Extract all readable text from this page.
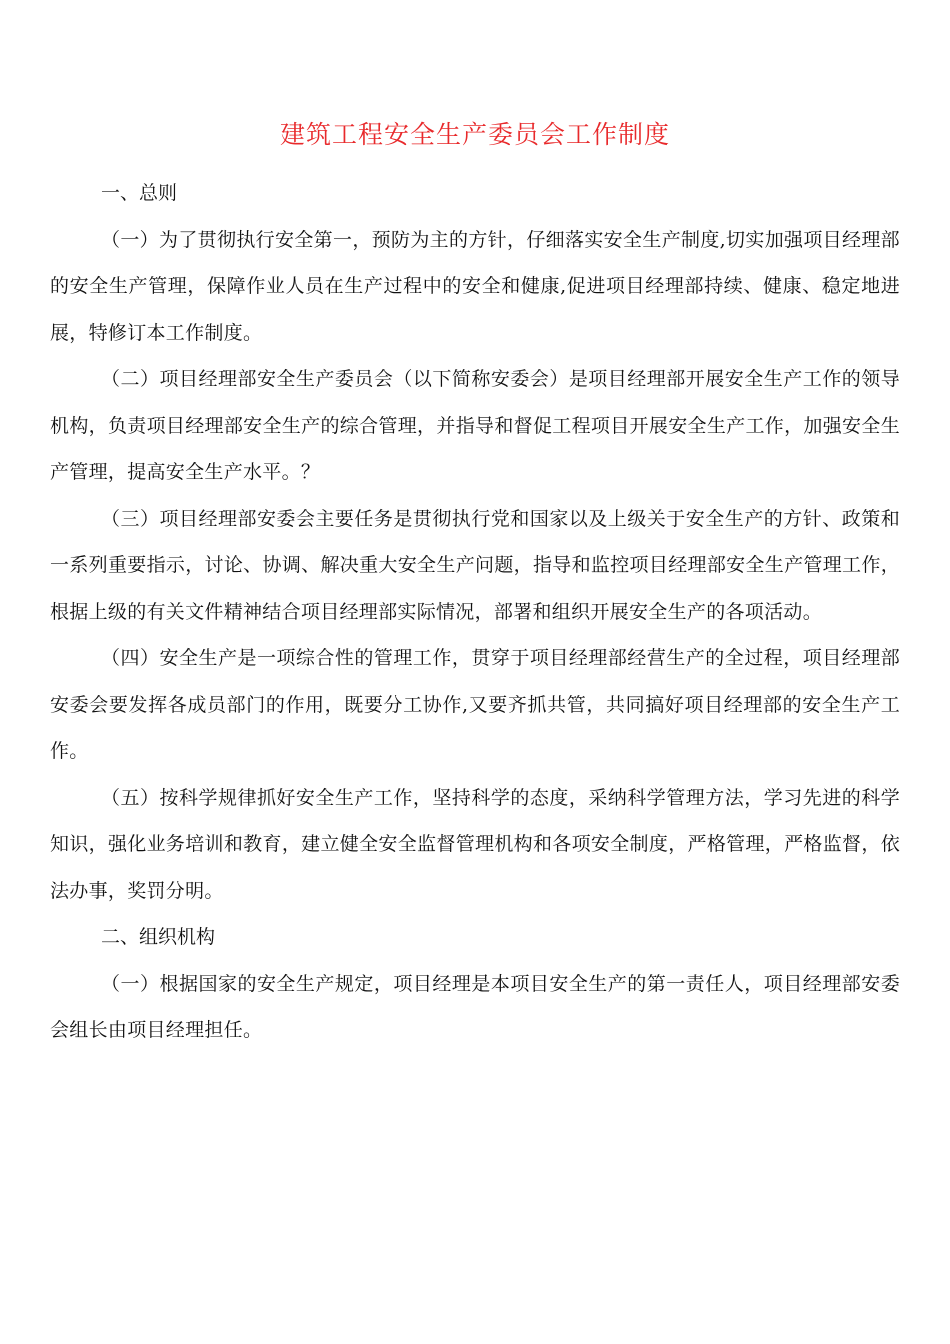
建筑工程安全生产委员会工作制度

一、总则

（一）为了贯彻执行安全第一，预防为主的方针，仔细落实安全生产制度,切实加强项目经理部的安全生产管理，保障作业人员在生产过程中的安全和健康,促进项目经理部持续、健康、稳定地进展，特修订本工作制度。

（二）项目经理部安全生产委员会（以下简称安委会）是项目经理部开展安全生产工作的领导机构，负责项目经理部安全生产的综合管理，并指导和督促工程项目开展安全生产工作，加强安全生产管理，提高安全生产水平。？

（三）项目经理部安委会主要任务是贯彻执行党和国家以及上级关于安全生产的方针、政策和一系列重要指示，讨论、协调、解决重大安全生产问题，指导和监控项目经理部安全生产管理工作，根据上级的有关文件精神结合项目经理部实际情况，部署和组织开展安全生产的各项活动。

（四）安全生产是一项综合性的管理工作，贯穿于项目经理部经营生产的全过程，项目经理部安委会要发挥各成员部门的作用，既要分工协作,又要齐抓共管，共同搞好项目经理部的安全生产工作。

（五）按科学规律抓好安全生产工作，坚持科学的态度，采纳科学管理方法，学习先进的科学知识，强化业务培训和教育，建立健全安全监督管理机构和各项安全制度，严格管理，严格监督，依法办事，奖罚分明。

二、组织机构

（一）根据国家的安全生产规定，项目经理是本项目安全生产的第一责任人，项目经理部安委会组长由项目经理担任。
